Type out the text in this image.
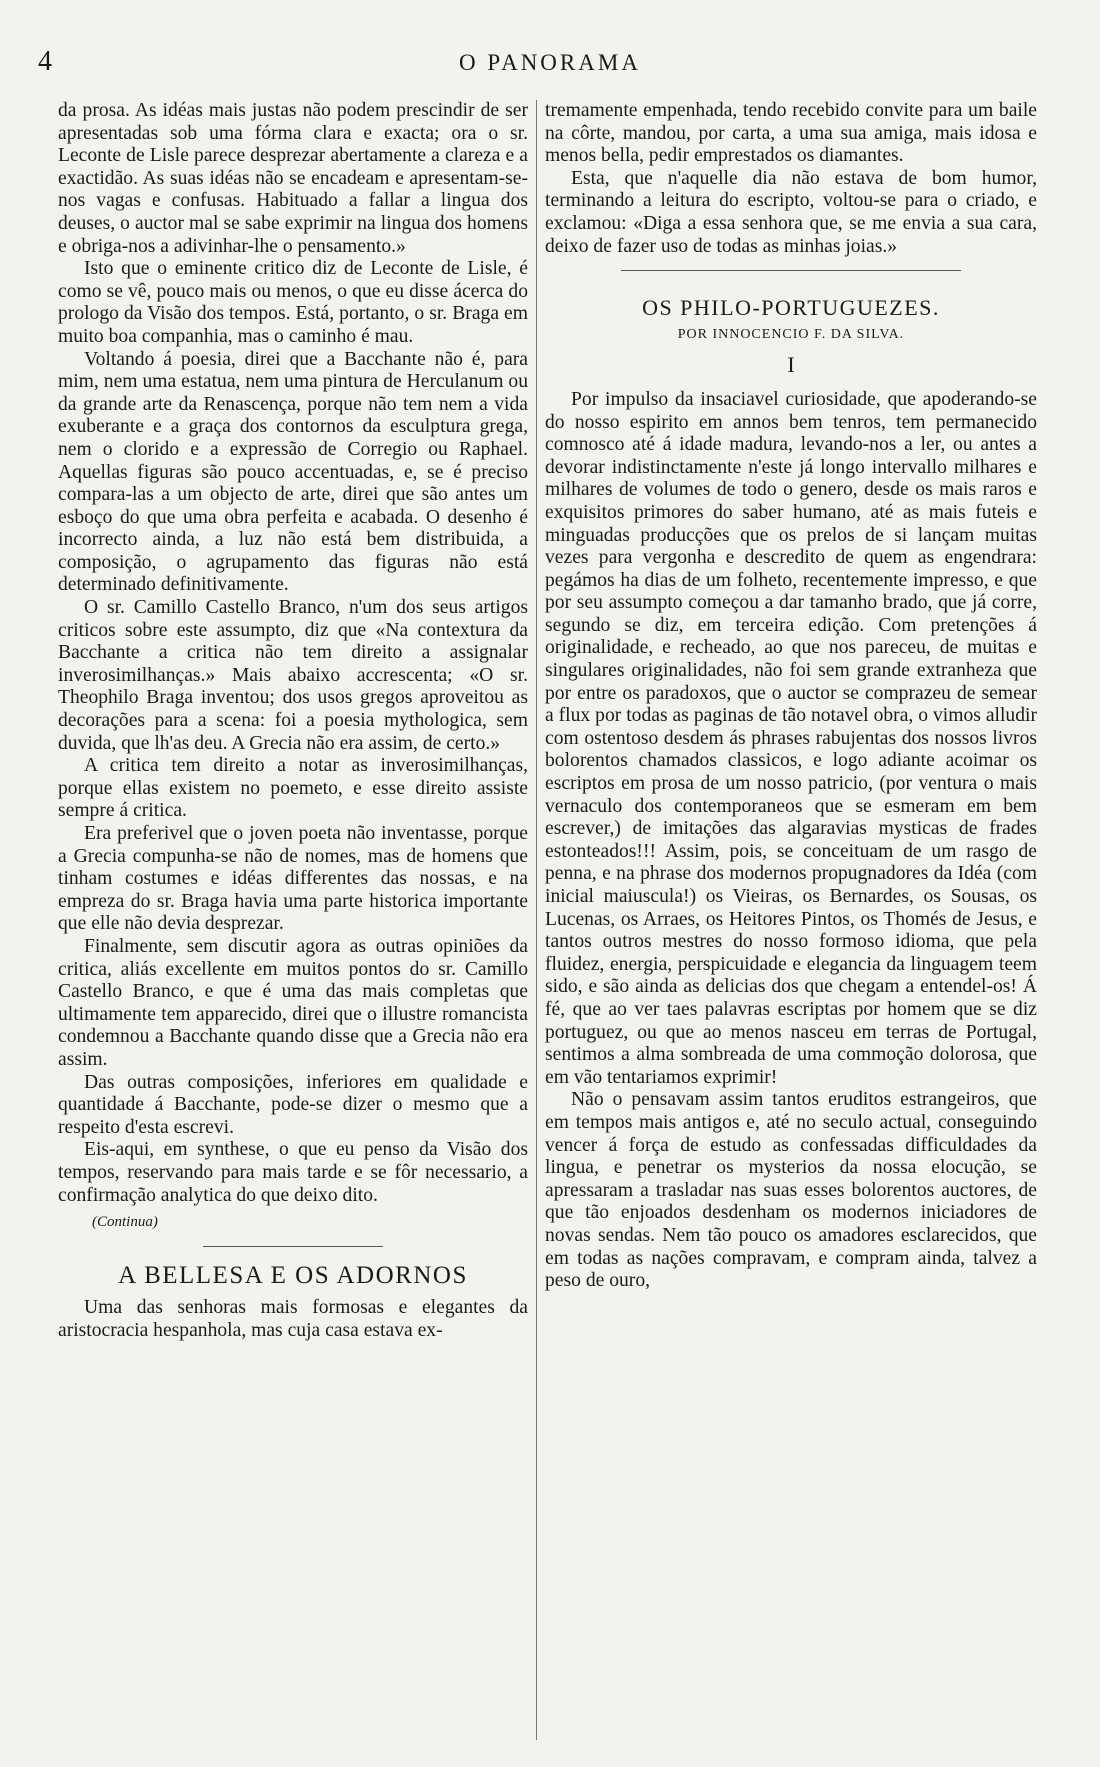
4	O PANORAMA

da prosa. As idéas mais justas não podem prescindir de ser apresentadas sob uma fórma clara e exacta; ora o sr. Leconte de Lisle parece desprezar abertamente a clareza e a exactidão. As suas idéas não se encadeam e apresentam-se-nos vagas e confusas. Habituado a fallar a lingua dos deuses, o auctor mal se sabe exprimir na lingua dos homens e obriga-nos a adivinhar-lhe o pensamento.»

Isto que o eminente critico diz de Leconte de Lisle, é como se vê, pouco mais ou menos, o que eu disse ácerca do prologo da Visão dos tempos. Está, portanto, o sr. Braga em muito boa companhia, mas o caminho é mau.

Voltando á poesia, direi que a Bacchante não é, para mim, nem uma estatua, nem uma pintura de Herculanum ou da grande arte da Renascença, porque não tem nem a vida exuberante e a graça dos contornos da esculptura grega, nem o clorido e a expressão de Corregio ou Raphael. Aquellas figuras são pouco accentuadas, e, se é preciso compara-las a um objecto de arte, direi que são antes um esboço do que uma obra perfeita e acabada. O desenho é incorrecto ainda, a luz não está bem distribuida, a composição, o agrupamento das figuras não está determinado definitivamente.

O sr. Camillo Castello Branco, n'um dos seus artigos criticos sobre este assumpto, diz que «Na contextura da Bacchante a critica não tem direito a assignalar inverosimilhanças.» Mais abaixo accrescenta; «O sr. Theophilo Braga inventou; dos usos gregos aproveitou as decorações para a scena: foi a poesia mythologica, sem duvida, que lh'as deu. A Grecia não era assim, de certo.»

A critica tem direito a notar as inverosimilhanças, porque ellas existem no poemeto, e esse direito assiste sempre á critica.

Era preferivel que o joven poeta não inventasse, porque a Grecia compunha-se não de nomes, mas de homens que tinham costumes e idéas differentes das nossas, e na empreza do sr. Braga havia uma parte historica importante que elle não devia desprezar.

Finalmente, sem discutir agora as outras opiniões da critica, aliás excellente em muitos pontos do sr. Camillo Castello Branco, e que é uma das mais completas que ultimamente tem apparecido, direi que o illustre romancista condemnou a Bacchante quando disse que a Grecia não era assim.

Das outras composições, inferiores em qualidade e quantidade á Bacchante, pode-se dizer o mesmo que a respeito d'esta escrevi.

Eis-aqui, em synthese, o que eu penso da Visão dos tempos, reservando para mais tarde e se fôr necessario, a confirmação analytica do que deixo dito.

(Continua)

A BELLESA E OS ADORNOS

Uma das senhoras mais formosas e elegantes da aristocracia hespanhola, mas cuja casa estava ex-

tremamente empenhada, tendo recebido convite para um baile na côrte, mandou, por carta, a uma sua amiga, mais idosa e menos bella, pedir emprestados os diamantes.

Esta, que n'aquelle dia não estava de bom humor, terminando a leitura do escripto, voltou-se para o criado, e exclamou: «Diga a essa senhora que, se me envia a sua cara, deixo de fazer uso de todas as minhas joias.»

OS PHILO-PORTUGUEZES.
POR INNOCENCIO F. DA SILVA.
I

Por impulso da insaciavel curiosidade, que apoderando-se do nosso espirito em annos bem tenros, tem permanecido comnosco até á idade madura, levando-nos a ler, ou antes a devorar indistinctamente n'este já longo intervallo milhares e milhares de volumes de todo o genero, desde os mais raros e exquisitos primores do saber humano, até as mais futeis e minguadas producções que os prelos de si lançam muitas vezes para vergonha e descredito de quem as engendrara: pegámos ha dias de um folheto, recentemente impresso, e que por seu assumpto começou a dar tamanho brado, que já corre, segundo se diz, em terceira edição. Com pretenções á originalidade, e recheado, ao que nos pareceu, de muitas e singulares originalidades, não foi sem grande extranheza que por entre os paradoxos, que o auctor se comprazeu de semear a flux por todas as paginas de tão notavel obra, o vimos alludir com ostentoso desdem ás phrases rabujentas dos nossos livros bolorentos chamados classicos, e logo adiante acoimar os escriptos em prosa de um nosso patricio, (por ventura o mais vernaculo dos contemporaneos que se esmeram em bem escrever,) de imitações das algaravias mysticas de frades estonteados!!! Assim, pois, se conceituam de um rasgo de penna, e na phrase dos modernos propugnadores da Idéa (com inicial maiuscula!) os Vieiras, os Bernardes, os Sousas, os Lucenas, os Arraes, os Heitores Pintos, os Thomés de Jesus, e tantos outros mestres do nosso formoso idioma, que pela fluidez, energia, perspicuidade e elegancia da linguagem teem sido, e são ainda as delicias dos que chegam a entendel-os! Á fé, que ao ver taes palavras escriptas por homem que se diz portuguez, ou que ao menos nasceu em terras de Portugal, sentimos a alma sombreada de uma commoção dolorosa, que em vão tentariamos exprimir!

Não o pensavam assim tantos eruditos estrangeiros, que em tempos mais antigos e, até no seculo actual, conseguindo vencer á força de estudo as confessadas difficuldades da lingua, e penetrar os mysterios da nossa elocução, se apressaram a trasladar nas suas esses bolorentos auctores, de que tão enjoados desdenham os modernos iniciadores de novas sendas. Nem tão pouco os amadores esclarecidos, que em todas as nações compravam, e compram ainda, talvez a peso de ouro,
